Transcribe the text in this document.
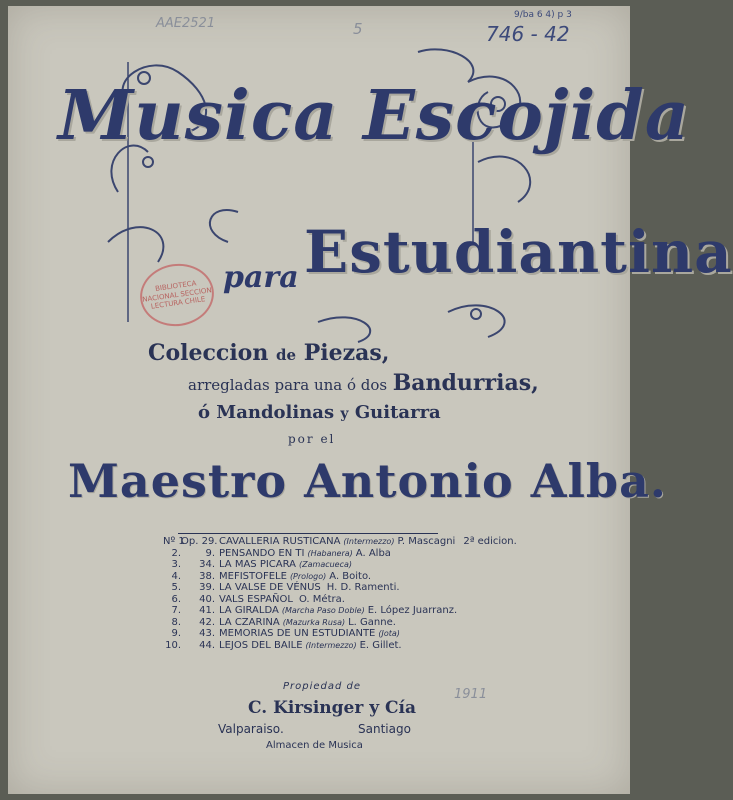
AAE2521	5
9/ba 6 4) p 3
746 - 42
Musica Escojida
para Estudiantina
BIBLIOTECA NACIONAL SECCION LECTURA CHILE
Coleccion de Piezas,
arregladas para una ó dos Bandurrias,
ó Mandolinas y Guitarra
por el
Maestro Antonio Alba.
Nº 1Op. 29. CAVALLERIA RUSTICANA (Intermezzo) P. Mascagni 2ª edicion.
2. 9. PENSANDO EN TI (Habanera) A. Alba
3. 34. LA MAS PICARA (Zamacueca)
4. 38. MEFISTOFELE (Prologo) A. Boito.
5. 39. LA VALSE DE VÉNUS H. D. Ramenti.
6. 40. VALS ESPAÑOL O. Métra.
7. 41. LA GIRALDA (Marcha Paso Doble) E. López Juarranz.
8. 42. LA CZARINA (Mazurka Rusa) L. Ganne.
9. 43. MEMORIAS DE UN ESTUDIANTE (Jota)
10. 44. LEJOS DEL BAILE (Intermezzo) E. Gillet.
Propiedad de
C. Kirsinger y Cía
Valparaiso.	Santiago
Almacen de Musica
1911
